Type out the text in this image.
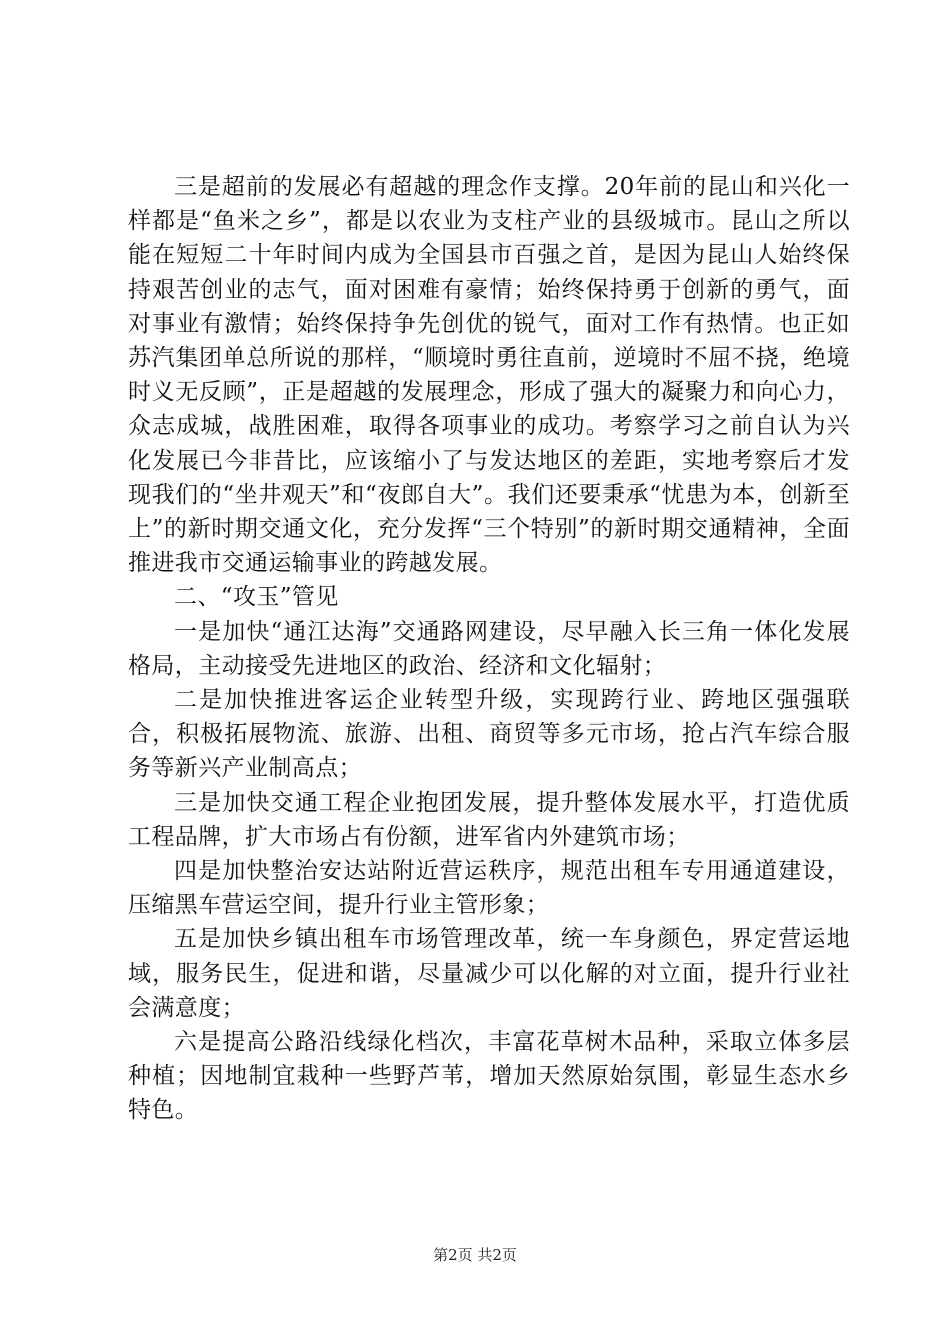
三是超前的发展必有超越的理念作支撑。20年前的昆山和兴化一样都是“鱼米之乡”，都是以农业为支柱产业的县级城市。昆山之所以能在短短二十年时间内成为全国县市百强之首，是因为昆山人始终保持艰苦创业的志气，面对困难有豪情；始终保持勇于创新的勇气，面对事业有激情；始终保持争先创优的锐气，面对工作有热情。也正如苏汽集团单总所说的那样，“顺境时勇往直前，逆境时不屈不挠，绝境时义无反顾”，正是超越的发展理念，形成了强大的凝聚力和向心力，众志成城，战胜困难，取得各项事业的成功。考察学习之前自认为兴化发展已今非昔比，应该缩小了与发达地区的差距，实地考察后才发现我们的“坐井观天”和“夜郎自大”。我们还要秉承“忧患为本，创新至上”的新时期交通文化，充分发挥“三个特别”的新时期交通精神，全面推进我市交通运输事业的跨越发展。

二、“攻玉”管见

一是加快“通江达海”交通路网建设，尽早融入长三角一体化发展格局，主动接受先进地区的政治、经济和文化辐射；

二是加快推进客运企业转型升级，实现跨行业、跨地区强强联合，积极拓展物流、旅游、出租、商贸等多元市场，抢占汽车综合服务等新兴产业制高点；

三是加快交通工程企业抱团发展，提升整体发展水平，打造优质工程品牌，扩大市场占有份额，进军省内外建筑市场；

四是加快整治安达站附近营运秩序，规范出租车专用通道建设，压缩黑车营运空间，提升行业主管形象；

五是加快乡镇出租车市场管理改革，统一车身颜色，界定营运地域，服务民生，促进和谐，尽量减少可以化解的对立面，提升行业社会满意度；

六是提高公路沿线绿化档次，丰富花草树木品种，采取立体多层种植；因地制宜栽种一些野芦苇，增加天然原始氛围，彰显生态水乡特色。

第2页 共2页
